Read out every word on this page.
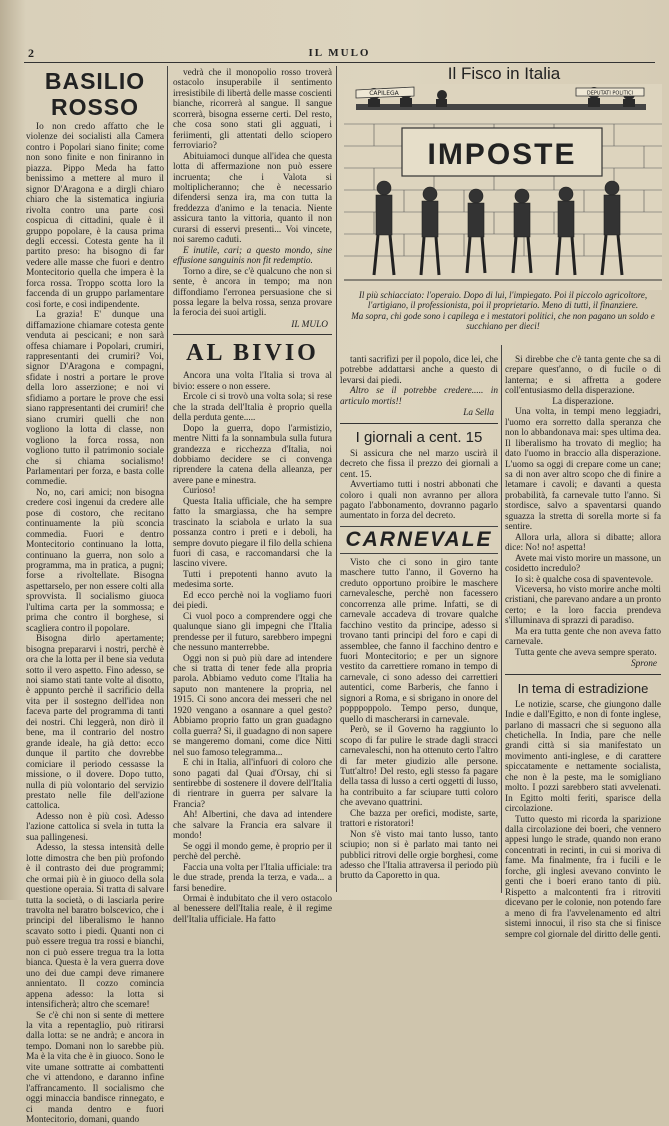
2	IL MULO
BASILIO ROSSO

Io non credo affatto che le violenze dei socialisti alla Camera contro i Popolari siano finite; come non sono finite e non finiranno in piazza. Pippo Meda ha fatto benissimo a mettere al muro il signor D'Aragona e a dirgli chiaro chiaro che la sistematica ingiuria rivolta contro una parte così cospicua di cittadini, quale è il gruppo popolare, è la causa prima degli eccessi. Cotesta gente ha il partito preso: ha bisogno di far vedere alle masse che fuori e dentro Montecitorio quella che impera è la forca rossa. Troppo scotta loro la faccenda di un gruppo parlamentare così forte, e così indipendente.

La grazia! E' dunque una diffamazione chiamare cotesta gente venduta ai pescicani; e non sarà offesa chiamare i Popolari, crumiri, rappresentanti dei crumiri? Voi, signor D'Aragona e compagni, sfidate i nostri a portare le prove della loro asserzione; e noi vi sfidiamo a portare le prove che essi siano rappresentanti dei crumiri! che siano crumiri quelli che non vogliono la lotta di classe, non vogliono la forca rossa, non vogliono tutto il patrimonio sociale che si chiama socialismo! Parlamentari per forza, e basta colle commedie.

No, no, cari amici; non bisogna credere così ingenui da credere alle pose di costoro, che recitano continuamente la più sconcia commedia. Fuori e dentro Montecitorio continuano la lotta, continuano la guerra, non solo a programma, ma in pratica, a pugni; forse a rivoltellate. Bisogna aspettarselo, per non essere colti alla sprovvista. Il socialismo giuoca l'ultima carta per la sommossa; e prima che contro il borghese, si scagliera contro il popolare.

Bisogna dirlo apertamente; bisogna prepararvi i nostri, perchè è ora che la lotta per il bene sia veduta sotto il vero aspetto. Fino adesso, se noi siamo stati tante volte al disotto, è appunto perchè il sacrificio della vita per il sostegno dell'idea non faceva parte del programma di tanti dei nostri. Chi leggerà, non dirò il bene, ma il contrario del nostro grande ideale, ha già detto: ecco dunque il partito che dovrebbe comiciare il periodo cessasse la missione, o il dovere. Dopo tutto, nulla di più volontario del servizio prestato nelle file dell'azione cattolica.

Adesso non è più così. Adesso l'azione cattolica si svela in tutta la sua pallingenesi.

Adesso, la stessa intensità delle lotte dimostra che ben più profondo è il contrasto dei due programmi; che ormai più è in giuoco della sola questione operaia. Si tratta di salvare tutta la società, o di lasciarla perire travolta nel baratro bolscevico, che i principi del liberalismo le hanno scavato sotto i piedi. Quanti non ci può essere tregua tra rossi e bianchi, non ci può essere tregua tra la lotta bianca. Questa è la vera guerra dove uno dei due campi deve rimanere annientato. Il cozzo comincia appena adesso: la lotta si intensificherà; altro che scemare!

Se c'è chi non si sente di mettere la vita a repentaglio, può ritirarsi dalla lotta: se ne andrà; e ancora in tempo. Domani non lo sarebbe più. Ma è la vita che è in giuoco. Sono le vite umane sottratte ai combattenti che vi attendono, e daranno infine l'affrancamento. Il socialismo che oggi minaccia bandisce rinnegato, e ci manda dentro e fuori Montecitorio, domani, quando

vedrà che il monopolio rosso troverà ostacolo insuperabile il sentimento irresistibile di libertà delle masse coscienti bianche, ricorrerà al sangue. Il sangue scorrerà, bisogna esserne certi. Del resto, che cosa sono stati gli agguati, i feriimenti, gli attentati dello sciopero ferroviario?

Abituiamoci dunque all'idea che questa lotta di affermazione non può essere incruenta; che i Valota si moltiplicheranno; che è necessario difendersi senza ira, ma con tutta la freddezza d'animo e la tenacia. Niente assicura tanto la vittoria, quanto il non curarsi di esservi presenti... Voi vincete, noi saremo caduti.

E inutile, cari; a questo mondo, sine effusione sanguinis non fit redemptio.

Torno a dire, se c'è qualcuno che non si sente, è ancora in tempo; ma non diffondiamo l'erronea persuasione che si possa legare la belva rossa, senza provare la ferocia dei suoi artigli.

IL MULO
AL BIVIO

Ancora una volta l'Italia si trova al bivio: essere o non essere.

Ercole ci si trovò una volta sola; si rese che la strada dell'Italia è proprio quella della perduta gente.....

Dopo la guerra, dopo l'armistizio, mentre Nitti fa la sonnambula sulla futura grandezza e ricchezza d'Italia, noi dobbiamo decidere se ci convenga riprendere la catena della alleanza, per avere pane e minestra.

Curioso!

Questa Italia ufficiale, che ha sempre fatto la smargiassa, che ha sempre trascinato la sciabola e urlato la sua possanza contro i preti e i deboli, ha sempre dovuto piegare il filo della schiena fuori di casa, e raccomandarsi che la lascino vivere.

Tutti i prepotenti hanno avuto la medesima sorte.

Ed ecco perchè noi la vogliamo fuori dei piedi.

Ci vuol poco a comprendere oggi che qualunque siano gli impegni che l'Italia prendesse per il futuro, sarebbero impegni che nessuno manterrebbe.

Oggi non si può più dare ad intendere che si tratta di tener fede alla propria parola. Abbiamo veduto come l'Italia ha saputo non mantenere la propria, nel 1915. Ci sono ancora dei messeri che nel 1920 vengano a osannare a quel gesto? Abbiamo proprio fatto un gran guadagno colla guerra? Si, il guadagno di non sapere se mangeremo domani, come dice Nitti nel suo famoso telegramma...

E chi in Italia, all'infuori di coloro che sono pagati dal Quai d'Orsay, chi si sentirebbe di sostenere il dovere dell'Italia di rientrare in guerra per salvare la Francia?

Ah! Albertini, che dava ad intendere che salvare la Francia era salvare il mondo!

Se oggi il mondo gemе, è proprio per il perchè del perchè.

Faccia una volta per l'Italia ufficiale: tra le due strade, prenda la terza, e vada... a farsi benedire.

Ormai è indubitato che il vero ostacolo al benessere dell'Italia reale, è il regime dell'Italia ufficiale. Ha fatto

Il Fisco in Italia
CAPILEGA	DEPUTATI POLITICI
IMPOSTE
Il più schiacciato: l'operaio. Dopo di lui, l'impiegato. Poi il piccolo agricoltore, l'artigiano, il professionista, poi il proprietario. Meno di tutti, il finanziere.
Ma sopra, chi gode sono i capilega e i mestatori politici, che non pagano un soldo e succhiano per dieci!

tanti sacrifizi per il popolo, dice lei, che potrebbe addattarsi anche a questo di levarsi dai piedi.

Altro se il potrebbe credere..... in articulo mortis!!

La Sella
I giornali a cent. 15

Si assicura che nel marzo uscirà il decreto che fissa il prezzo dei giornali a cent. 15.

Avvertiamo tutti i nostri abbonati che coloro i quali non avranno per allora pagato l'abbonamento, dovranno pagarlo aumentato in forza del decreto.

CARNEVALE

Visto che ci sono in giro tante maschere tutto l'anno, il Governo ha creduto opportuno proibire le maschere carnevalesche, perchè non facessero concorrenza alle prime. Infatti, se di carnevale accadeva di trovare qualche facchino vestito da principe, adesso si trovano tanti principi del foro e capi di assemblee, che fanno il facchino dentro e fuori Montecitorio; e per un signore vestito da carrettiere romano in tempo di carnevale, ci sono adesso dei carrettieri autentici, come Barberis, che fanno i signori a Roma, e si sbrigano in onore del popppoppolo. Tempo perso, dunque, quello di mascherarsi in carnevale.

Però, se il Governo ha raggiunto lo scopo di far pulire le strade dagli stracci carnevaleschi, non ha ottenuto certo l'altro di far meter giudizio alle persone. Tutt'altro! Del resto, egli stesso fa pagare della tassa di lusso a certi oggetti di lusso, ha contribuito a far sciupare tutti coloro che avevano quattrini.

Che bazza per orefici, modiste, sarte, trattori e ristoratori!

Non s'è visto mai tanto lusso, tanto sciupio; non si è parlato mai tanto nei pubblici ritrovi delle orgie borghesi, come adesso che l'Italia attraversa il periodo più brutto da Caporetto in qua.

Si direbbe che c'è tanta gente che sa di crepare quest'anno, o di fucile o di lanterna; e si affretta a godere coll'entusiasmo della disperazione.

La disperazione.

Una volta, in tempi meno leggiadri, l'uomo era sorretto dalla speranza che non lo abbandonava mai: spes ultima dea. Il liberalismo ha trovato di meglio; ha dato l'uomo in braccio alla disperazione. L'uomo sa oggi di crepare come un cane; sa di non aver altro scopo che di finire a letamare i cavoli; e davanti a questa probabilità, fa carnevale tutto l'anno. Si stordisce, salvo a spaventarsi quando sguazza la stretta di sorella morte si fa sentire.

Allora urla, allora si dibatte; allora dice: No! no! aspetta!

Avete mai visto morire un massone, un cosidetto incredulo?

Io sì: è qualche cosa di spaventevole.

Viceversa, ho visto morire anche molti cristiani, che parevano andare a un pronto certo; e la loro faccia prendeva s'illuminava di sprazzi di paradiso.

Ma era tutta gente che non aveva fatto carnevale.

Tutta gente che aveva sempre sperato.

Sprone
In tema di estradizione

Le notizie, scarse, che giungono dalle Indie e dall'Egitto, e non di fonte inglese, parlano di massacri che si seguono alla chetichella. In India, pare che nelle grandi città si sia manifestato un movimento anti-inglese, e di carattere spiccatamente e nettamente socialista, che non è la peste, ma le somigliano molto. I pozzi sarebbero stati avvelenati. In Egitto molti feriti, sparisce della circolazione.

Tutto questo mi ricorda la sparizione dalla circolazione dei boeri, che vennero appesi lungo le strade, quando non erano concentrati in recinti, in cui si moriva di fame. Ma finalmente, fra i fucili e le forche, gli inglesi avevano convinto le genti che i boeri erano tanto di più. Rispetto a malcontenti fra i ritroviti dicevano per le colonie, non potendo fare a meno di fra l'avvelenamento ed altri sistemi innocui, il riso sta che si finisce sempre col giornale del diritto delle genti.
